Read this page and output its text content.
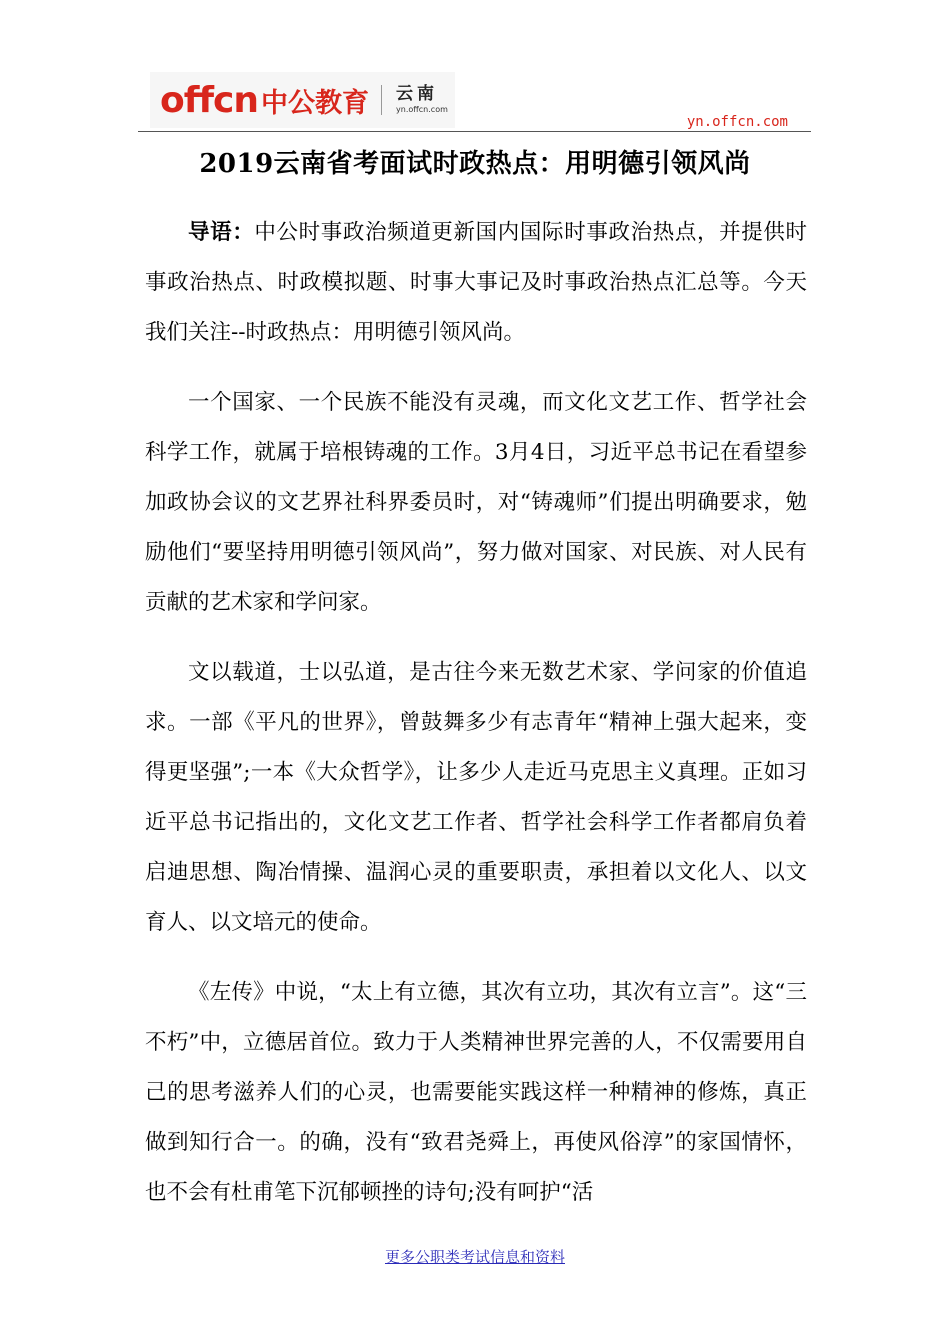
offcn 中公教育 云南
yn.offcn.com
yn.offcn.com
2019云南省考面试时政热点：用明德引领风尚

导语：中公时事政治频道更新国内国际时事政治热点，并提供时事政治热点、时政模拟题、时事大事记及时事政治热点汇总等。今天我们关注--时政热点：用明德引领风尚。

一个国家、一个民族不能没有灵魂，而文化文艺工作、哲学社会科学工作，就属于培根铸魂的工作。3月4日，习近平总书记在看望参加政协会议的文艺界社科界委员时，对“铸魂师”们提出明确要求，勉励他们“要坚持用明德引领风尚”，努力做对国家、对民族、对人民有贡献的艺术家和学问家。

文以载道，士以弘道，是古往今来无数艺术家、学问家的价值追求。一部《平凡的世界》，曾鼓舞多少有志青年“精神上强大起来，变得更坚强”;一本《大众哲学》，让多少人走近马克思主义真理。正如习近平总书记指出的，文化文艺工作者、哲学社会科学工作者都肩负着启迪思想、陶冶情操、温润心灵的重要职责，承担着以文化人、以文育人、以文培元的使命。

《左传》中说，“太上有立德，其次有立功，其次有立言”。这“三不朽”中，立德居首位。致力于人类精神世界完善的人，不仅需要用自己的思考滋养人们的心灵，也需要能实践这样一种精神的修炼，真正做到知行合一。的确，没有“致君尧舜上，再使风俗淳”的家国情怀，也不会有杜甫笔下沉郁顿挫的诗句;没有呵护“活

更多公职类考试信息和资料
